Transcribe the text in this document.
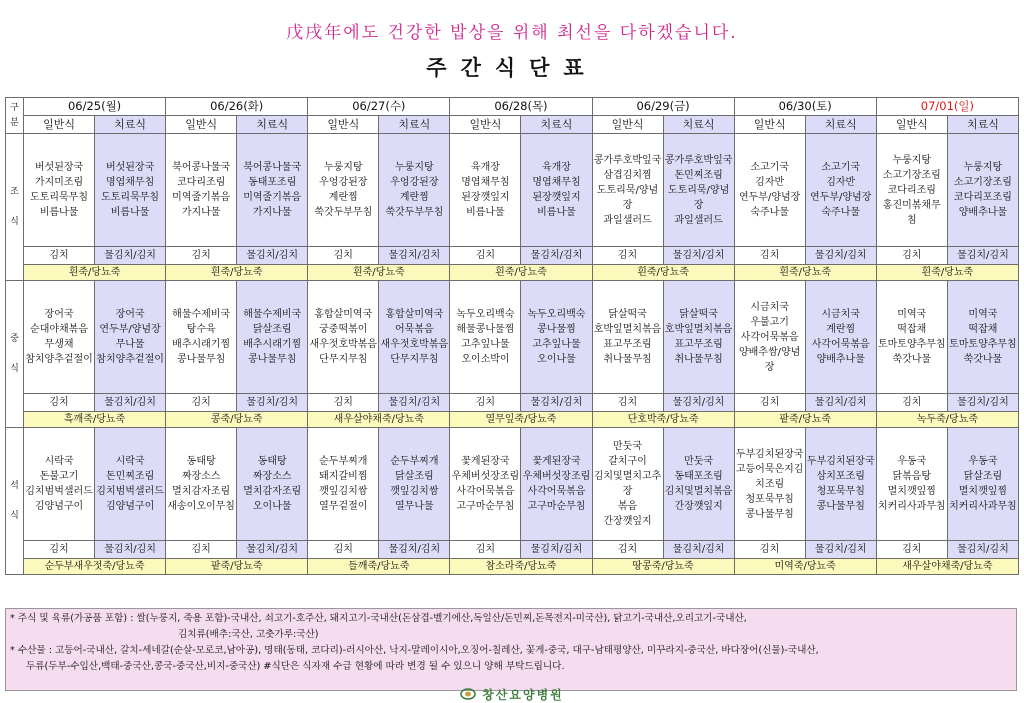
戊戌年에도 건강한 밥상을 위해 최선을 다하겠습니다.
주간식단표
구분	06/25(월)		06/26(화)		06/27(수)		06/28(목)		06/29(금)		06/30(토)		07/01(일)	
	일반식	치료식	일반식	치료식	일반식	치료식	일반식	치료식	일반식	치료식	일반식	치료식	일반식	치료식
조

식	버섯된장국
가지미조림
도토리묵무침
비름나물	버섯된장국
명엽채무침
도토리묵무침
비름나물	북어콩나물국
코다리조림
미역줄기볶음
가지나물	북어콩나물국
동태포조림
미역줄기볶음
가지나물	누룽지탕
우엉강된장
계란찜
쑥갓두부무침	누룽지탕
우엉강된장
계란찜
쑥갓두부무침	육개장
명엽채무침
된장깻잎지
비름나물	육개장
명엽채무침
된장깻잎지
비름나물	콩가루호박잎국
삼겹김치찜
도토리묵/양념
장
과일샐러드	콩가루호박잎국
돈민찌조림
도토리묵/양념
장
과일샐러드	소고기국
김자반
연두부/양념장
숙주나물	소고기국
김자반
연두부/양념장
숙주나물	누룽지탕
소고기장조림
코다리조림
홍진미볶채무
침	누룽지탕
소고기장조림
코다리포조림
양배추나물
	김치	물김치/김치	김치	물김치/김치	김치	물김치/김치	김치	물김치/김치	김치	물김치/김치	김치	물김치/김치	김치	물김치/김치
	흰죽/당뇨죽		흰죽/당뇨죽		흰죽/당뇨죽		흰죽/당뇨죽		흰죽/당뇨죽		흰죽/당뇨죽		흰죽/당뇨죽	
중

식	장어국
순대야채볶음
무생채
참치양추겉절이	장어국
연두부/양념장
무나물
참치양추겉절이	해물수제비국
탕수육
배추시래기찜
콩나물무침	해물수제비국
닭살조림
배추시래기찜
콩나물무침	홍합살미역국
궁중떡볶이
새우젓호박볶음
단무지무침	홍합살미역국
어묵볶음
새우젓호박볶음
단무지무침	녹두오리백숙
해물콩나물찜
고추잎나물
오이소박이	녹두오리백숙
콩나물찜
고추잎나물
오이나물	닭살떡국
호박잎멸치볶음
표고무조림
취나물무침	닭살떡국
호박잎멸치볶음
표고무조림
취나물무침	시금치국
우불고기
사각어묵볶음
양배추쌈/양념
장	시금치국
계란찜
사각어묵볶음
양배추나물	미역국
떡잡채
토마토양추무침
쑥갓나물	미역국
떡잡채
토마토양추무침
쑥갓나물
	김치	물김치/김치	김치	물김치/김치	김치	물김치/김치	김치	물김치/김치	김치	물김치/김치	김치	물김치/김치	김치	물김치/김치
	흑깨죽/당뇨죽		콩죽/당뇨죽		새우살야채죽/당뇨죽		열무잎죽/당뇨죽		단호박죽/당뇨죽		팥죽/당뇨죽		녹두죽/당뇨죽	
석

식	시락국
돈불고기
김치범벅샐러드
김양념구이	시락국
돈민찌조림
김치범벅샐러드
김양념구이	동태탕
짜장소스
멸치감자조림
새송이오이무침	동태탕
짜장소스
멸치감자조림
오이나물	순두부찌개
돼지갈비찜
깻잎김치쌈
열무겉절이	순두부찌개
닭살조림
깻잎김치쌈
열무나물	꽃게된장국
우체버섯장조림
사각어묵볶음
고구마순무침	꽃게된장국
우체버섯장조림
사각어묵볶음
고구마순무침	만둣국
갈치구이
김치및멸치고추장
볶음
간장깻잎지	만둣국
동태포조림
김치및멸치볶음
간장깻잎지	두부김치된장국
고등어묵은지김
치조림
청포묵무침
콩나물무침	두부김치된장국
삼치포조림
청포묵무침
콩나물무침	우동국
닭볶음탕
멸치깻잎찜
치커리사과무침	우동국
닭살조림
멸치깻잎찜
치커리사과무침
	김치	물김치/김치	김치	물김치/김치	김치	물김치/김치	김치	물김치/김치	김치	물김치/김치	김치	물김치/김치	김치	물김치/김치
	순두부새우젓죽/당뇨죽		팥죽/당뇨죽		들깨죽/당뇨죽		참소라죽/당뇨죽		땅콩죽/당뇨죽		미역죽/당뇨죽		새우살야채죽/당뇨죽	

* 주식 및 육류(가공품 포함) : 쌀(누룽지, 죽용 포함)-국내산, 쇠고기-호주산, 돼지고기-국내산(돈삼겹-벨기에산,독일산/돈민찌,돈목전지-미국산), 닭고기-국내산,오리고기-국내산,

김치류(배추:국산, 고춧가루:국산)

* 수산물 : 고등어-국내산, 갈치-세네갈(순살-모로코,남아공), 명태(동태, 코다리)-러시아산, 낙지-말레이시아,오징어-칠레산, 꽃게-중국, 대구-남태평양산, 미꾸라지-중국산, 바다장어(신물)-국내산,

두류(두부-수입산,백태-중국산,콩국-중국산,비지-중국산) #식단은 식자재 수급 현황에 따라 변경 될 수 있으니 양해 부탁드립니다.

창산요양병원
